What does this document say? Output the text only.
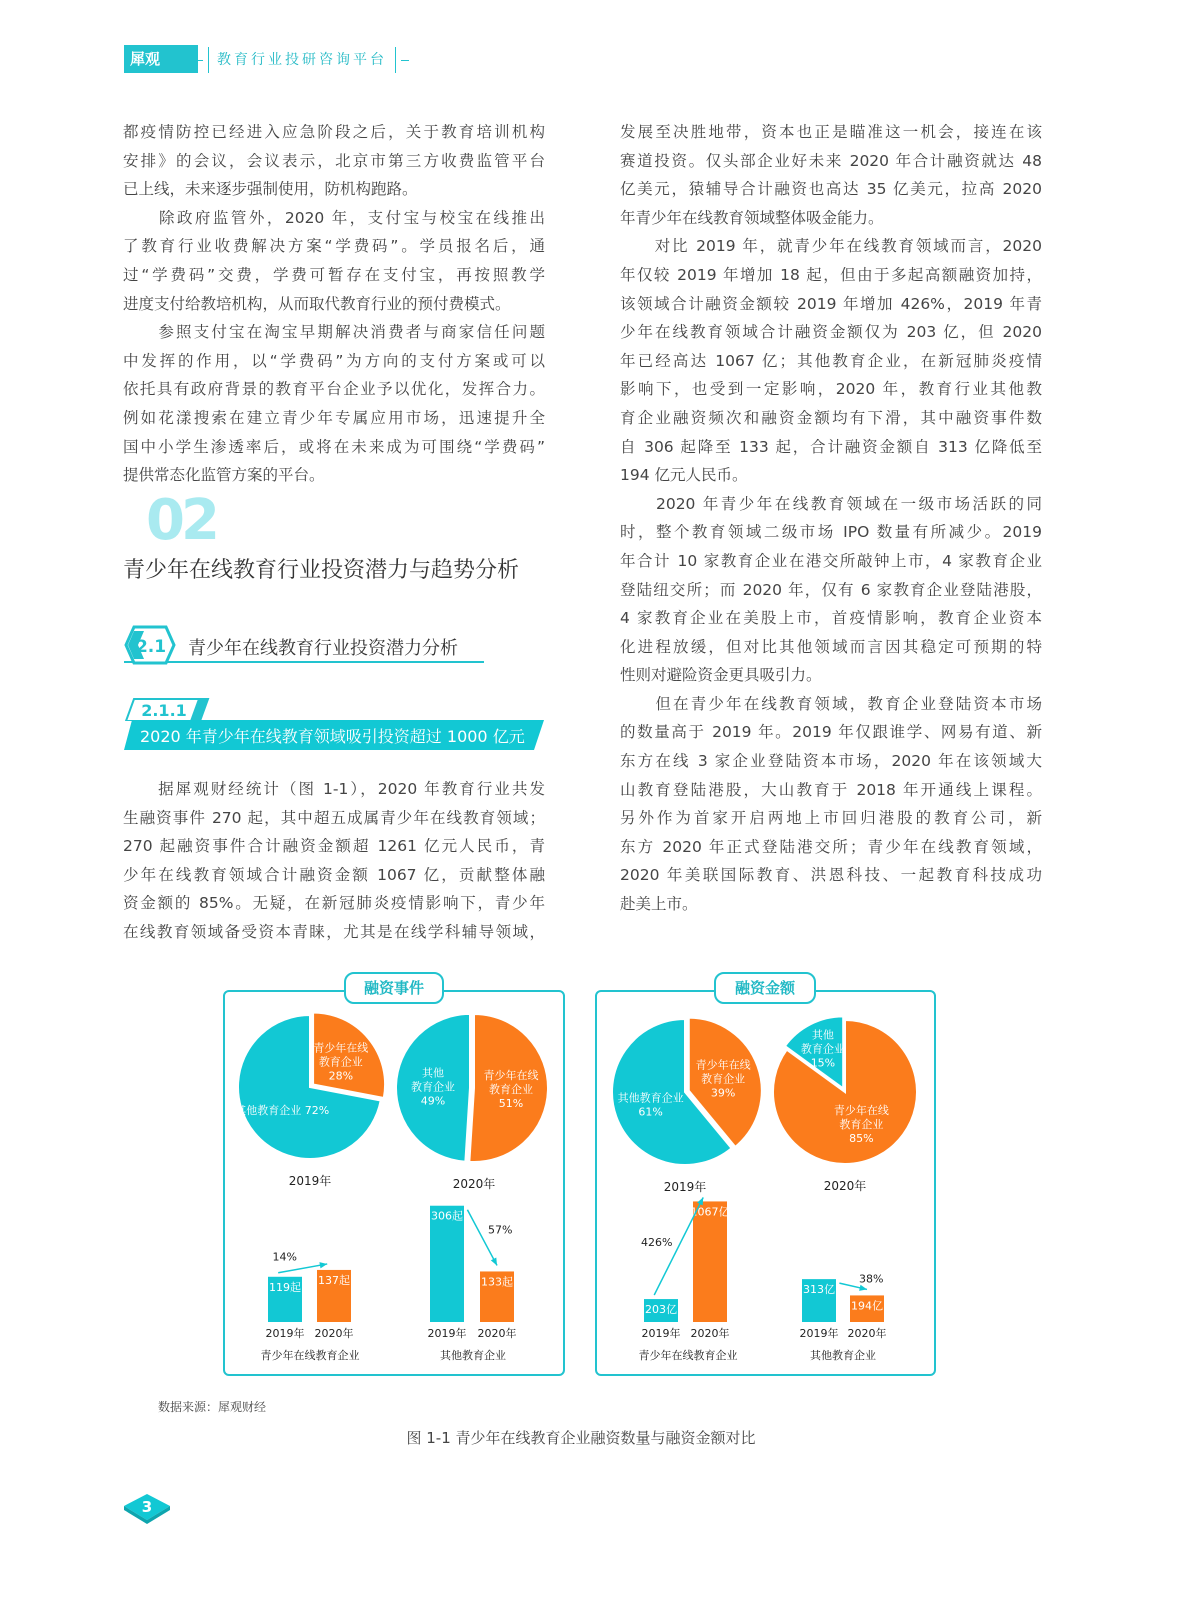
犀观	教育行业投研咨询平台
都疫情防控已经进入应急阶段之后，关于教育培训机构
安排》的会议，会议表示，北京市第三方收费监管平台
已上线，未来逐步强制使用，防机构跑路。
　　除政府监管外，2020 年，支付宝与校宝在线推出
了教育行业收费解决方案“学费码”。学员报名后，通
过“学费码”交费，学费可暂存在支付宝，再按照教学
进度支付给教培机构，从而取代教育行业的预付费模式。
　　参照支付宝在淘宝早期解决消费者与商家信任问题
中发挥的作用，以“学费码”为方向的支付方案或可以
依托具有政府背景的教育平台企业予以优化，发挥合力。
例如花漾搜索在建立青少年专属应用市场，迅速提升全
国中小学生渗透率后，或将在未来成为可围绕“学费码”
提供常态化监管方案的平台。
02
青少年在线教育行业投资潜力与趋势分析
2.1 青少年在线教育行业投资潜力分析
2.1.1
2020 年青少年在线教育领域吸引投资超过 1000 亿元
　　据犀观财经统计（图 1-1），2020 年教育行业共发
生融资事件 270 起，其中超五成属青少年在线教育领域；
270 起融资事件合计融资金额超 1261 亿元人民币，青
少年在线教育领域合计融资金额 1067 亿，贡献整体融
资金额的 85%。无疑，在新冠肺炎疫情影响下，青少年
在线教育领域备受资本青睐，尤其是在线学科辅导领域，
发展至决胜地带，资本也正是瞄准这一机会，接连在该
赛道投资。仅头部企业好未来 2020 年合计融资就达 48
亿美元，猿辅导合计融资也高达 35 亿美元，拉高 2020
年青少年在线教育领域整体吸金能力。
　　对比 2019 年，就青少年在线教育领域而言，2020
年仅较 2019 年增加 18 起，但由于多起高额融资加持，
该领域合计融资金额较 2019 年增加 426%，2019 年青
少年在线教育领域合计融资金额仅为 203 亿，但 2020
年已经高达 1067 亿；其他教育企业，在新冠肺炎疫情
影响下，也受到一定影响，2020 年，教育行业其他教
育企业融资频次和融资金额均有下滑，其中融资事件数
自 306 起降至 133 起，合计融资金额自 313 亿降低至
194 亿元人民币。
　　2020 年青少年在线教育领域在一级市场活跃的同
时，整个教育领域二级市场 IPO 数量有所减少。2019
年合计 10 家教育企业在港交所敲钟上市，4 家教育企业
登陆纽交所；而 2020 年，仅有 6 家教育企业登陆港股，
4 家教育企业在美股上市，首疫情影响，教育企业资本
化进程放缓，但对比其他领域而言因其稳定可预期的特
性则对避险资金更具吸引力。
　　但在青少年在线教育领域，教育企业登陆资本市场
的数量高于 2019 年。2019 年仅跟谁学、网易有道、新
东方在线 3 家企业登陆资本市场，2020 年在该领域大
山教育登陆港股，大山教育于 2018 年开通线上课程。
另外作为首家开启两地上市回归港股的教育公司，新
东方 2020 年正式登陆港交所；青少年在线教育领域，
2020 年美联国际教育、洪恩科技、一起教育科技成功
赴美上市。
融资事件	融资金额
青少年在线
教育企业
28%
其他教育企业 72%
2019年
青少年在线
教育企业
51%
其他
教育企业
49%
2020年
青少年在线
教育企业
39%
其他教育企业
61%
2019年
青少年在线
教育企业
85%
其他
教育企业
15%
2020年
119起
2019年
137起
2020年
14%
青少年在线教育企业
306起
2019年
133起
2020年
57%
其他教育企业
203亿
2019年
1067亿
2020年
426%
青少年在线教育企业
313亿
2019年
194亿
2020年
38%
其他教育企业
数据来源：犀观财经
图 1-1 青少年在线教育企业融资数量与融资金额对比
3
